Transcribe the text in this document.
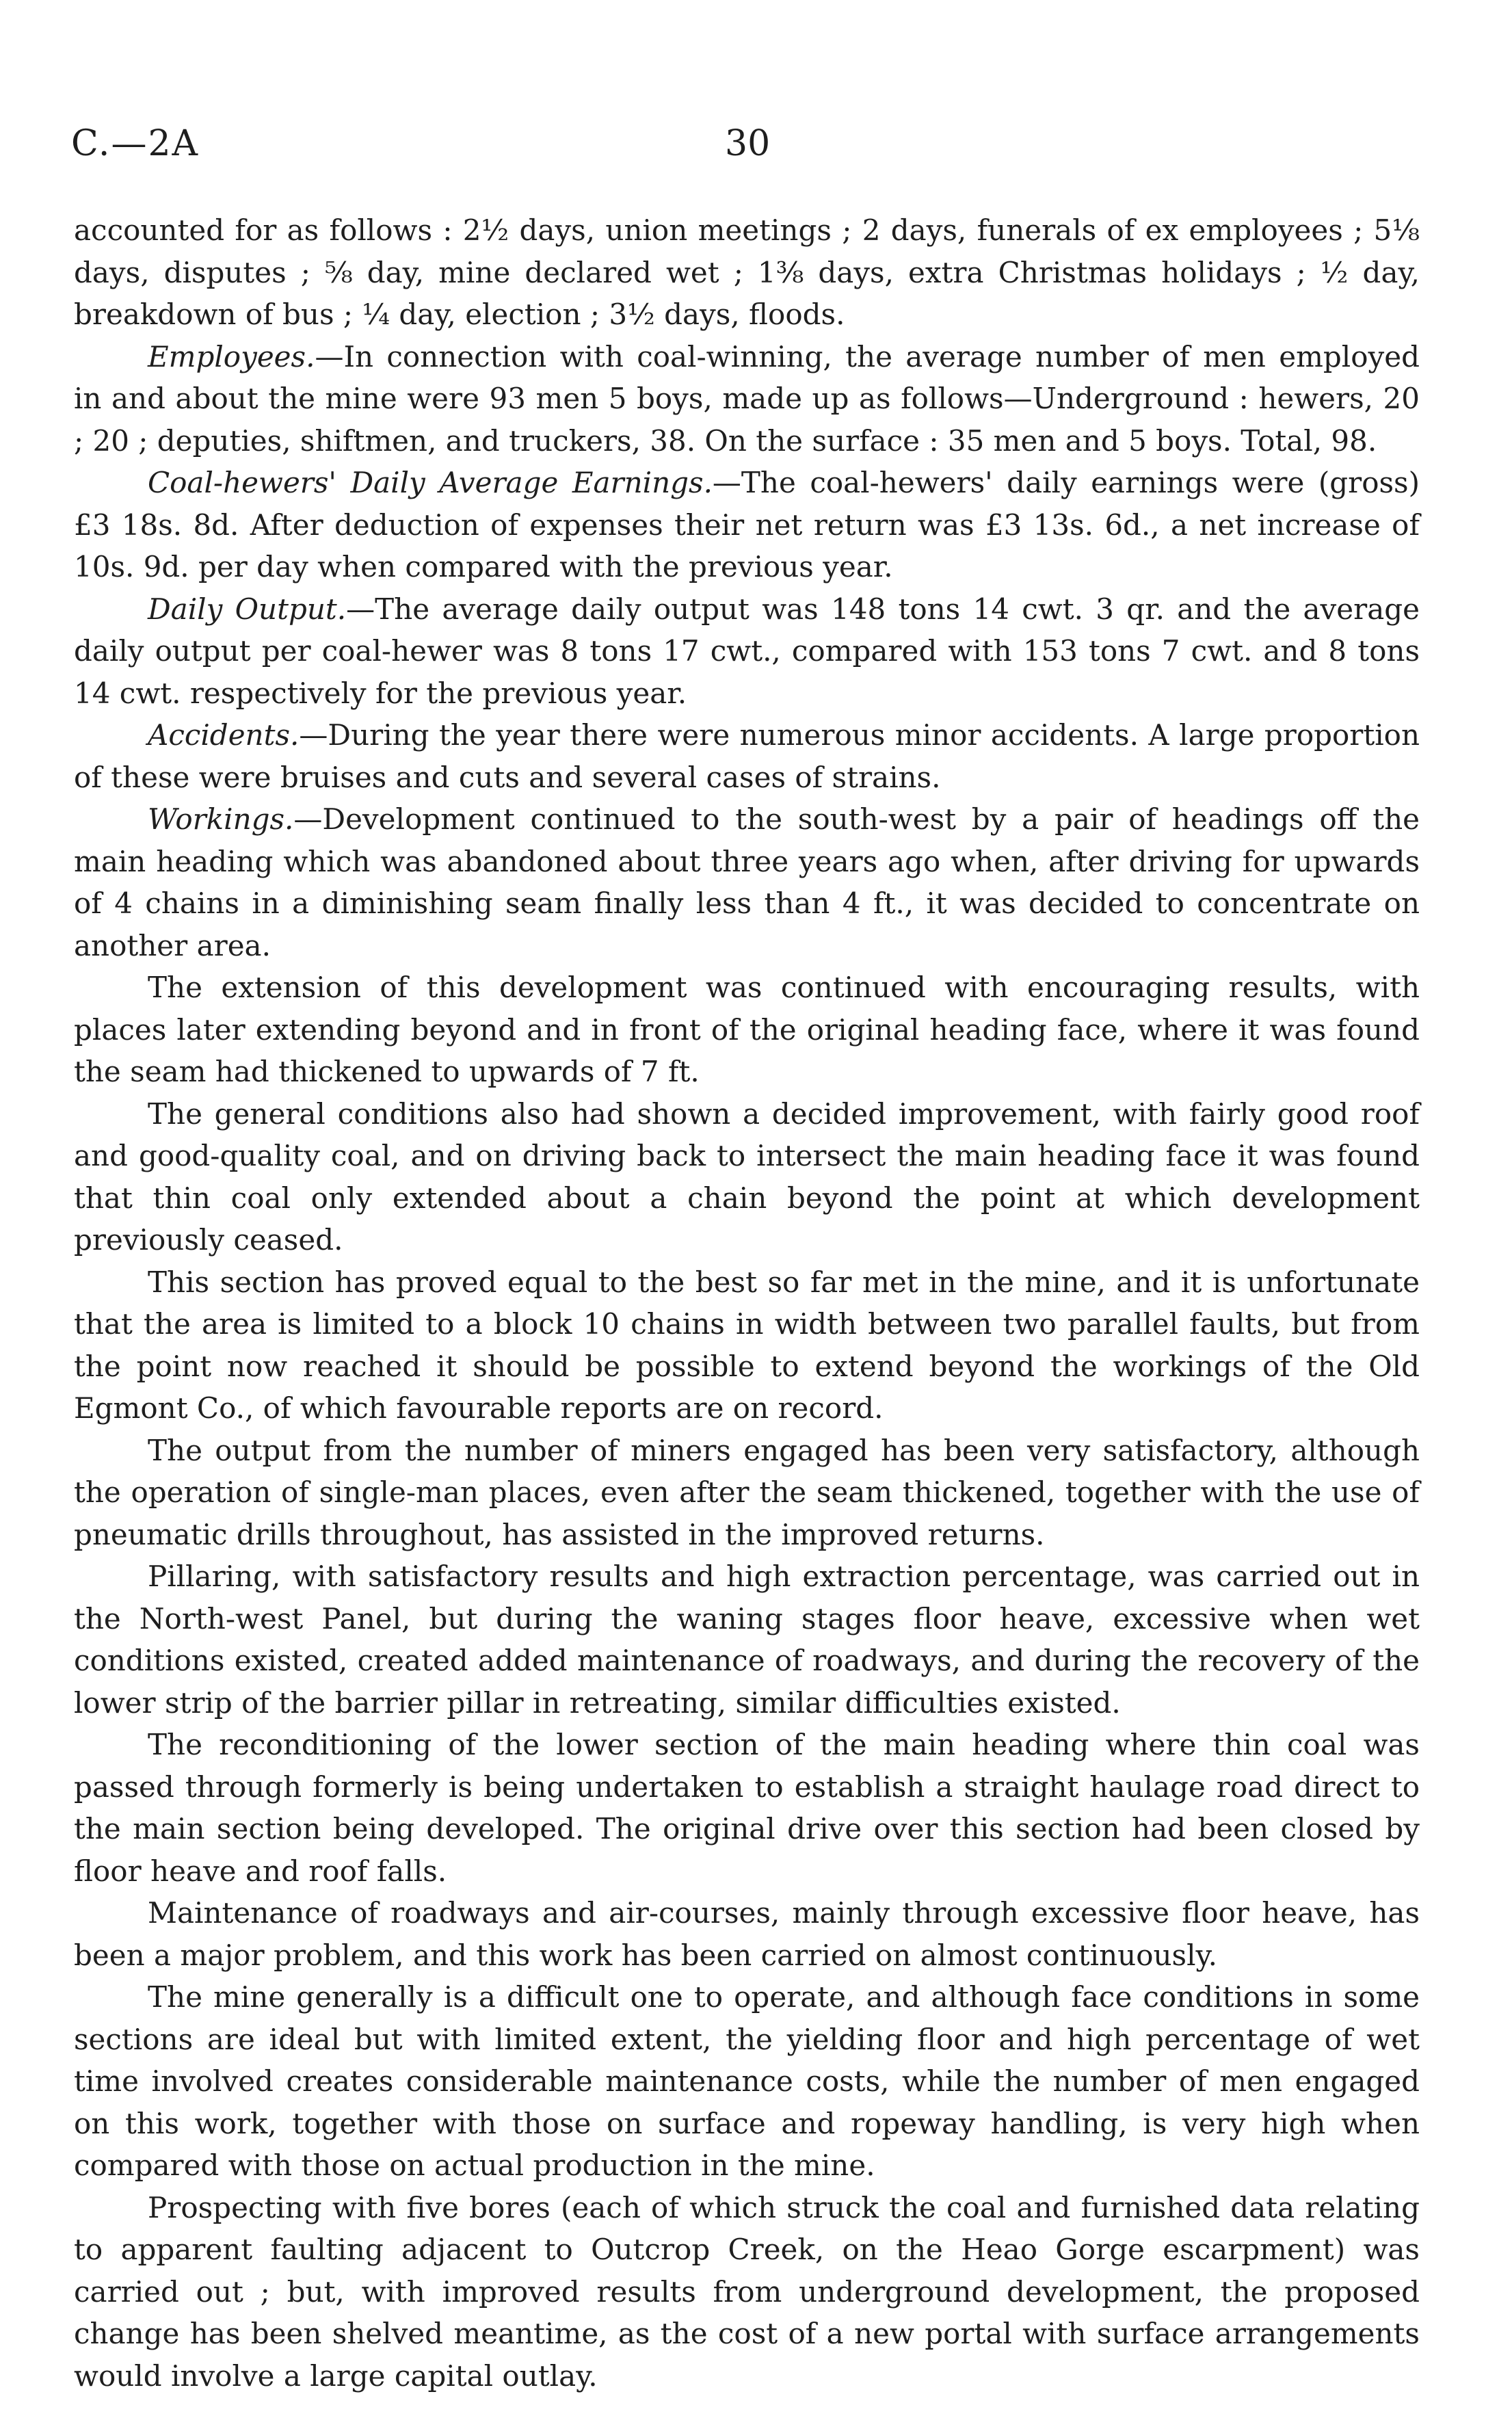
C.—2A	30

accounted for as follows : 2½ days, union meetings ; 2 days, funerals of ex employees ; 5⅛ days, disputes ; ⅝ day, mine declared wet ; 1⅜ days, extra Christmas holidays ; ½ day, breakdown of bus ; ¼ day, election ; 3½ days, floods.

Employees.—In connection with coal-winning, the average number of men employed in and about the mine were 93 men 5 boys, made up as follows—Underground : hewers, 20 ; 20 ; deputies, shiftmen, and truckers, 38. On the surface : 35 men and 5 boys. Total, 98.

Coal-hewers' Daily Average Earnings.—The coal-hewers' daily earnings were (gross) £3 18s. 8d. After deduction of expenses their net return was £3 13s. 6d., a net increase of 10s. 9d. per day when compared with the previous year.

Daily Output.—The average daily output was 148 tons 14 cwt. 3 qr. and the average daily output per coal-hewer was 8 tons 17 cwt., compared with 153 tons 7 cwt. and 8 tons 14 cwt. respectively for the previous year.

Accidents.—During the year there were numerous minor accidents. A large proportion of these were bruises and cuts and several cases of strains.

Workings.—Development continued to the south-west by a pair of headings off the main heading which was abandoned about three years ago when, after driving for upwards of 4 chains in a diminishing seam finally less than 4 ft., it was decided to concentrate on another area.

The extension of this development was continued with encouraging results, with places later extending beyond and in front of the original heading face, where it was found the seam had thickened to upwards of 7 ft.

The general conditions also had shown a decided improvement, with fairly good roof and good-quality coal, and on driving back to intersect the main heading face it was found that thin coal only extended about a chain beyond the point at which development previously ceased.

This section has proved equal to the best so far met in the mine, and it is unfortunate that the area is limited to a block 10 chains in width between two parallel faults, but from the point now reached it should be possible to extend beyond the workings of the Old Egmont Co., of which favourable reports are on record.

The output from the number of miners engaged has been very satisfactory, although the operation of single-man places, even after the seam thickened, together with the use of pneumatic drills throughout, has assisted in the improved returns.

Pillaring, with satisfactory results and high extraction percentage, was carried out in the North-west Panel, but during the waning stages floor heave, excessive when wet conditions existed, created added maintenance of roadways, and during the recovery of the lower strip of the barrier pillar in retreating, similar difficulties existed.

The reconditioning of the lower section of the main heading where thin coal was passed through formerly is being undertaken to establish a straight haulage road direct to the main section being developed. The original drive over this section had been closed by floor heave and roof falls.

Maintenance of roadways and air-courses, mainly through excessive floor heave, has been a major problem, and this work has been carried on almost continuously.

The mine generally is a difficult one to operate, and although face conditions in some sections are ideal but with limited extent, the yielding floor and high percentage of wet time involved creates considerable maintenance costs, while the number of men engaged on this work, together with those on surface and ropeway handling, is very high when compared with those on actual production in the mine.

Prospecting with five bores (each of which struck the coal and furnished data relating to apparent faulting adjacent to Outcrop Creek, on the Heao Gorge escarpment) was carried out ; but, with improved results from underground development, the proposed change has been shelved meantime, as the cost of a new portal with surface arrangements would involve a large capital outlay.
